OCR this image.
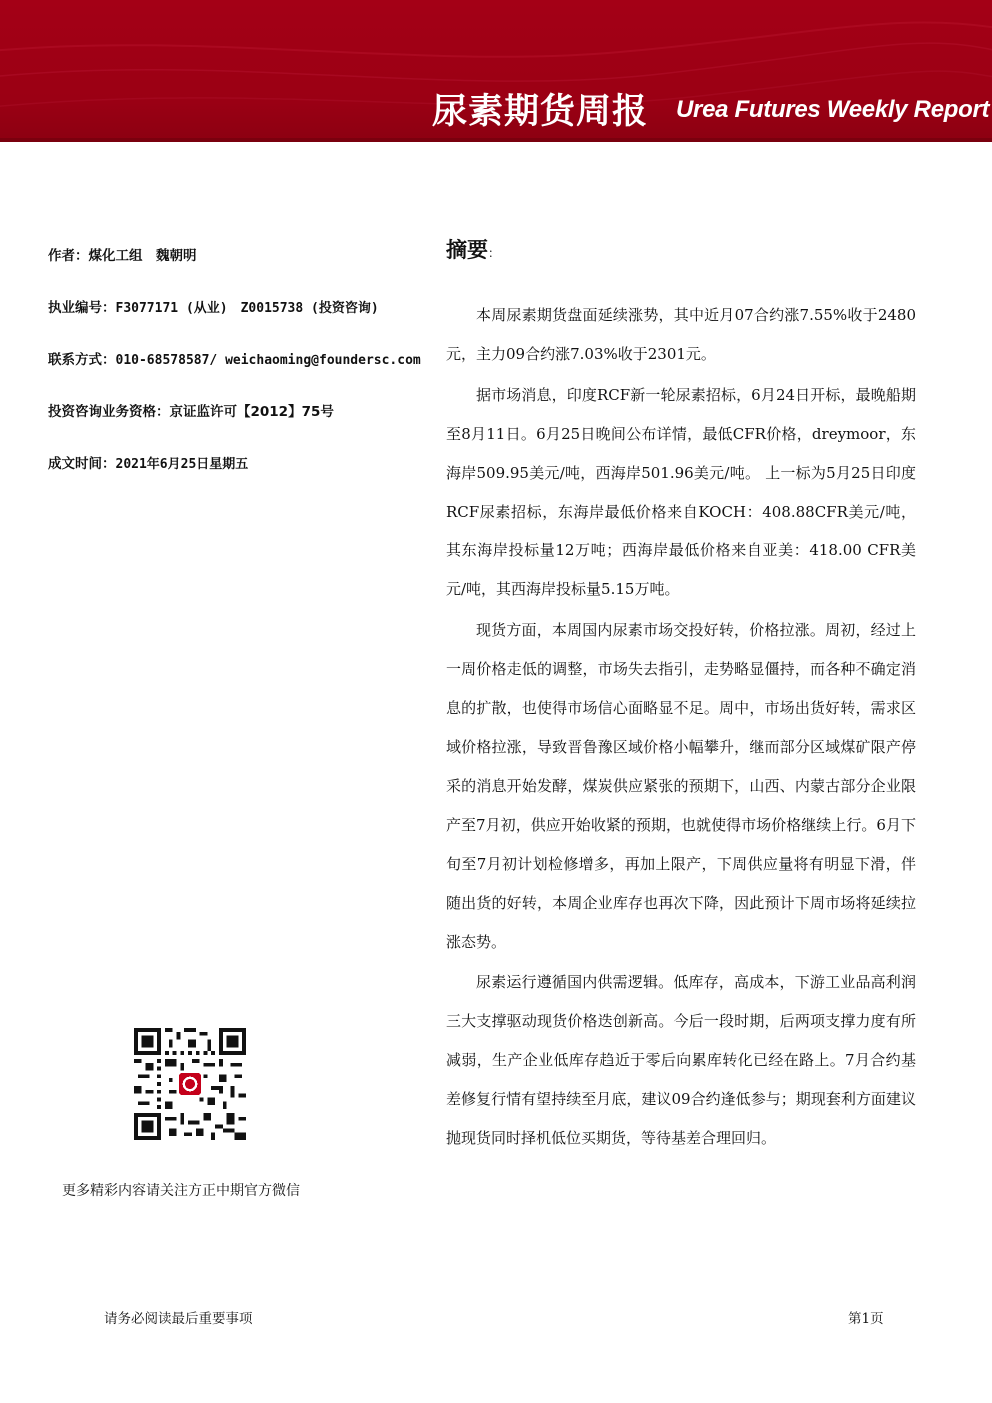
尿素期货周报 Urea Futures Weekly Report
作者：煤化工组　魏朝明
执业编号：F3077171 (从业)　Z0015738 (投资咨询)
联系方式：010-68578587/ weichaoming@foundersc.com
投资咨询业务资格：京证监许可【2012】75号
成文时间：2021年6月25日星期五
摘要：

本周尿素期货盘面延续涨势，其中近月07合约涨7.55%收于2480元，主力09合约涨7.03%收于2301元。

据市场消息，印度RCF新一轮尿素招标，6月24日开标，最晚船期至8月11日。6月25日晚间公布详情，最低CFR价格，dreymoor，东海岸509.95美元/吨，西海岸501.96美元/吨。 上一标为5月25日印度RCF尿素招标，东海岸最低价格来自KOCH：408.88CFR美元/吨，其东海岸投标量12万吨；西海岸最低价格来自亚美：418.00 CFR美元/吨，其西海岸投标量5.15万吨。

现货方面，本周国内尿素市场交投好转，价格拉涨。周初，经过上一周价格走低的调整，市场失去指引，走势略显僵持，而各种不确定消息的扩散，也使得市场信心面略显不足。周中，市场出货好转，需求区域价格拉涨，导致晋鲁豫区域价格小幅攀升，继而部分区域煤矿限产停采的消息开始发酵，煤炭供应紧张的预期下，山西、内蒙古部分企业限产至7月初，供应开始收紧的预期，也就使得市场价格继续上行。6月下旬至7月初计划检修增多，再加上限产，下周供应量将有明显下滑，伴随出货的好转，本周企业库存也再次下降，因此预计下周市场将延续拉涨态势。

尿素运行遵循国内供需逻辑。低库存，高成本，下游工业品高利润三大支撑驱动现货价格迭创新高。今后一段时期，后两项支撑力度有所减弱，生产企业低库存趋近于零后向累库转化已经在路上。7月合约基差修复行情有望持续至月底，建议09合约逢低参与；期现套利方面建议抛现货同时择机低位买期货，等待基差合理回归。

更多精彩内容请关注方正中期官方微信
请务必阅读最后重要事项	第1页
